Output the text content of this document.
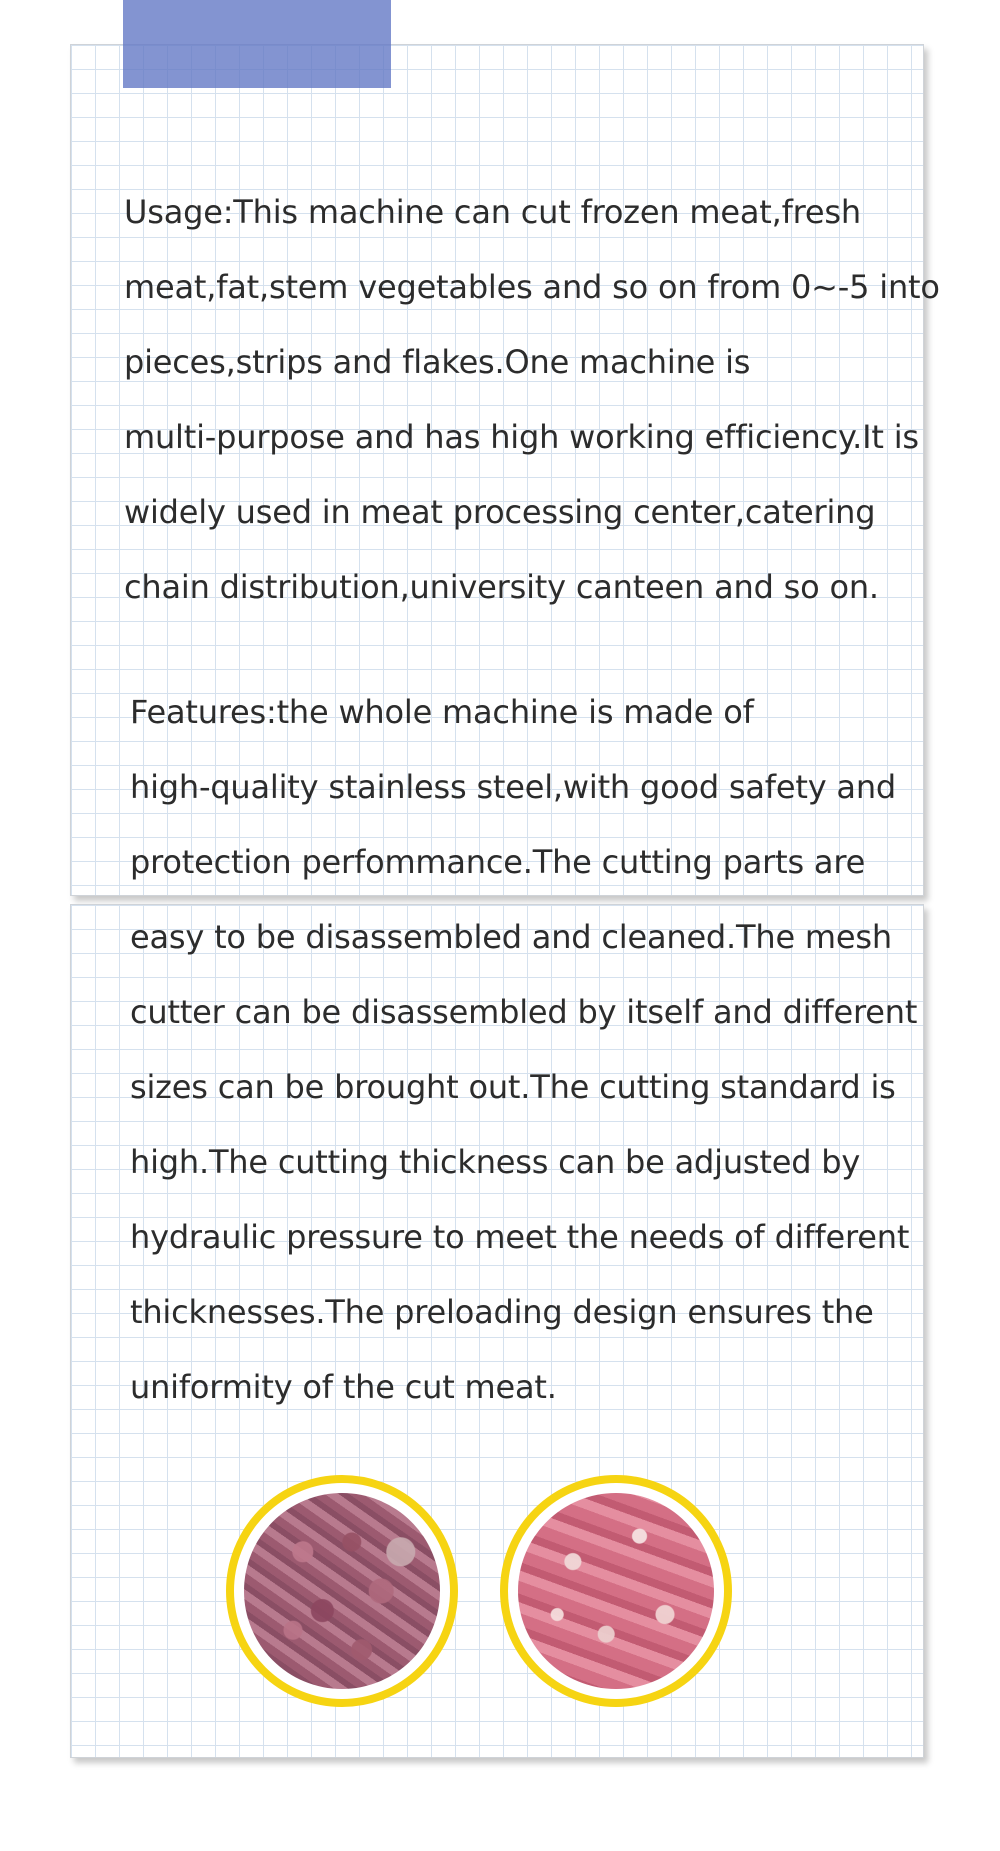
Usage:This machine can cut frozen meat,fresh
meat,fat,stem vegetables and so on from 0~-5 into
pieces,strips and flakes.One machine is
multi-purpose and has high working efficiency.It is
widely used in meat processing center,catering
chain distribution,university canteen and so on.
Features:the whole machine is made of
high-quality stainless steel,with good safety and
protection perfommance.The cutting parts are
easy to be disassembled and cleaned.The mesh
cutter can be disassembled by itself and different
sizes can be brought out.The cutting standard is
high.The cutting thickness can be adjusted by
hydraulic pressure to meet the needs of different
thicknesses.The preloading design ensures the
uniformity of the cut meat.
